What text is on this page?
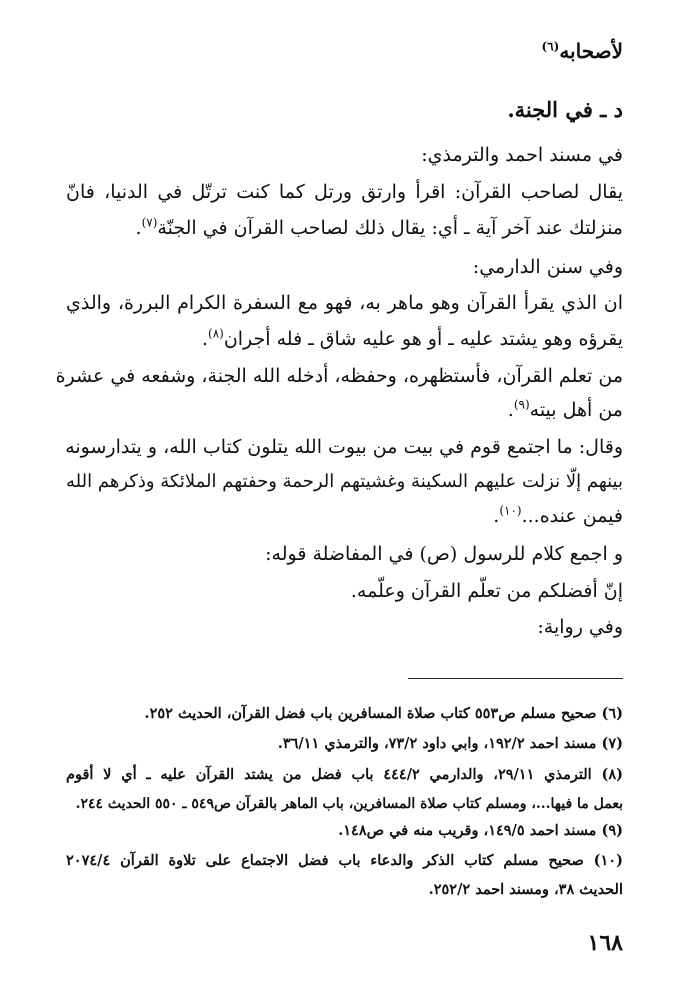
لأصحابه$^{(٦)}$
د ـ في الجنة.
في مسند احمد والترمذي:
يقال لصاحب القرآن: اقرأ وارتق ورتل كما كنت ترتّل في الدنيا، فانّ
منزلتك عند آخر آية ـ أي: يقال ذلك لصاحب القرآن في الجنّة$^{(٧)}$.
وفي سنن الدارمي:
ان الذي يقرأ القرآن وهو ماهر به، فهو مع السفرة الكرام البررة، والذي
يقرؤه وهو يشتد عليه ـ أو هو عليه شاق ـ فله أجران$^{(٨)}$.
من تعلم القرآن، فأستظهره، وحفظه، أدخله الله الجنة، وشفعه في عشرة
من أهل بيته$^{(٩)}$.
وقال: ما اجتمع قوم في بيت من بيوت الله يتلون كتاب الله، و يتدارسونه
بينهم إلّا نزلت عليهم السكينة وغشيتهم الرحمة وحفتهم الملائكة وذكرهم الله
فيمن عنده...$^{(١٠)}$.
و اجمع كلام للرسول (ص) في المفاضلة قوله:
إنّ أفضلكم من تعلّم القرآن وعلّمه.
وفي رواية:
(٦) صحيح مسلم ص٥٥٣ كتاب صلاة المسافرين باب فضل القرآن، الحديث ٢٥٢.
(٧) مسند احمد ١٩٢/٢، وابي داود ٧٣/٢، والترمذي ٣٦/١١.
(٨) الترمذي ٢٩/١١، والدارمي ٤٤٤/٢ باب فضل من يشتد القرآن عليه ـ أي لا أقوم
بعمل ما فيها...، ومسلم كتاب صلاة المسافرين، باب الماهر بالقرآن ص٥٤٩ ـ ٥٥٠ الحديث ٢٤٤.
(٩) مسند احمد ١٤٩/٥، وقريب منه في ص١٤٨.
(١٠) صحيح مسلم كتاب الذكر والدعاء باب فضل الاجتماع على تلاوة القرآن ٢٠٧٤/٤
الحديث ٣٨، ومسند احمد ٢٥٢/٢.
١٦٨
